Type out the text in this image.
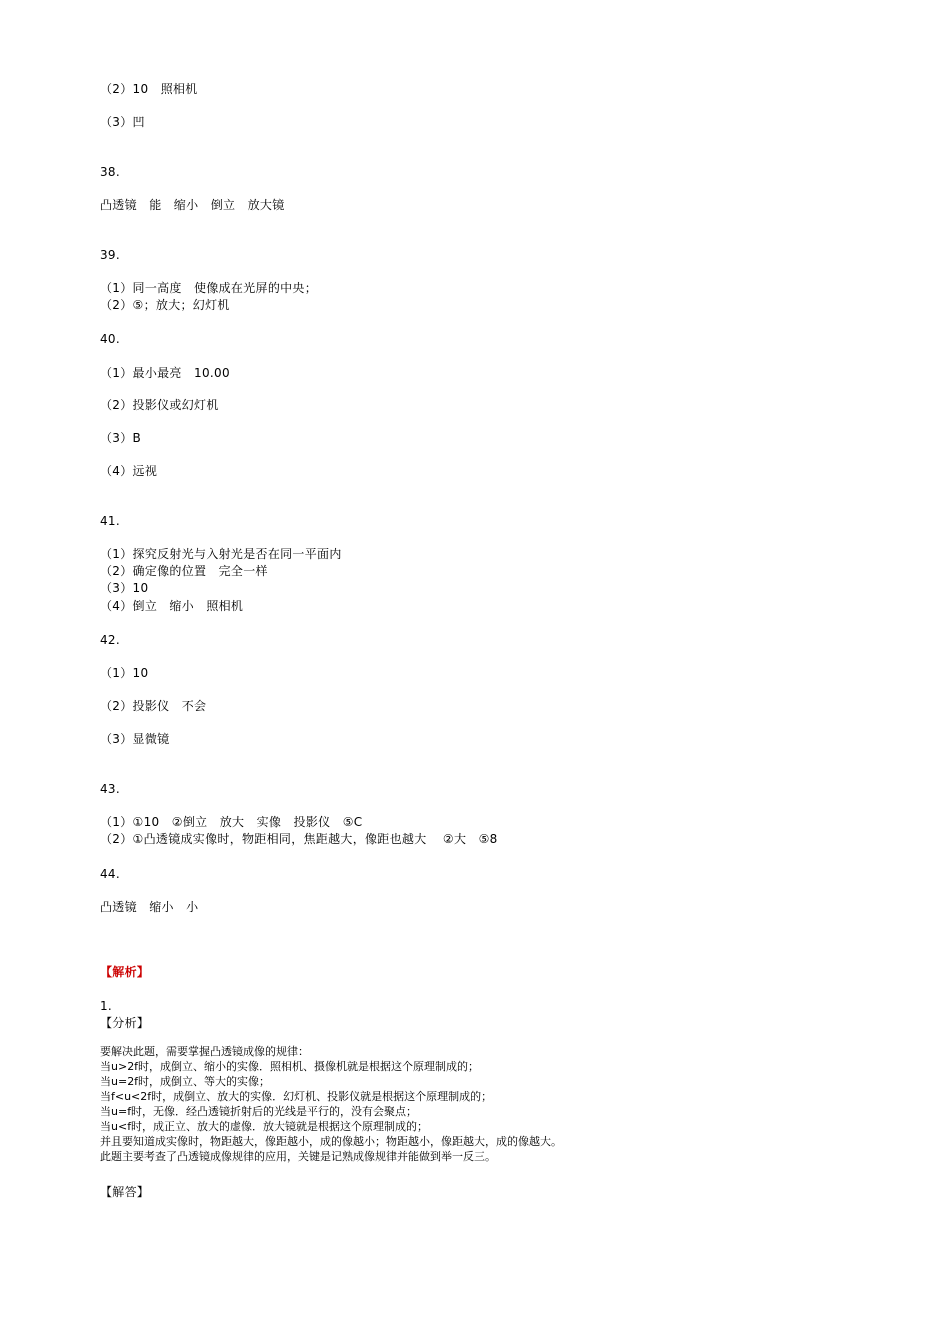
（2）10　照相机
（3）凹
38.
凸透镜　能　缩小　倒立　放大镜
39.
（1）同一高度　使像成在光屏的中央；
（2）⑤；放大；幻灯机
40.
（1）最小最亮　10.00
（2）投影仪或幻灯机
（3）B
（4）远视
41.
（1）探究反射光与入射光是否在同一平面内
（2）确定像的位置　完全一样
（3）10
（4）倒立　缩小　照相机
42.
（1）10
（2）投影仪　不会
（3）显微镜
43.
（1）①10　②倒立　放大　实像　投影仪　⑤C
（2）①凸透镜成实像时，物距相同，焦距越大，像距也越大　 ②大　⑤8
44.
凸透镜　缩小　小
【解析】
1.
【分析】
要解决此题，需要掌握凸透镜成像的规律：
当u>2f时，成倒立、缩小的实像．照相机、摄像机就是根据这个原理制成的；
当u=2f时，成倒立、等大的实像；
当f<u<2f时，成倒立、放大的实像．幻灯机、投影仪就是根据这个原理制成的；
当u=f时，无像．经凸透镜折射后的光线是平行的，没有会聚点；
当u<f时，成正立、放大的虚像．放大镜就是根据这个原理制成的；
并且要知道成实像时，物距越大，像距越小，成的像越小；物距越小，像距越大，成的像越大。
此题主要考查了凸透镜成像规律的应用，关键是记熟成像规律并能做到举一反三。
【解答】
